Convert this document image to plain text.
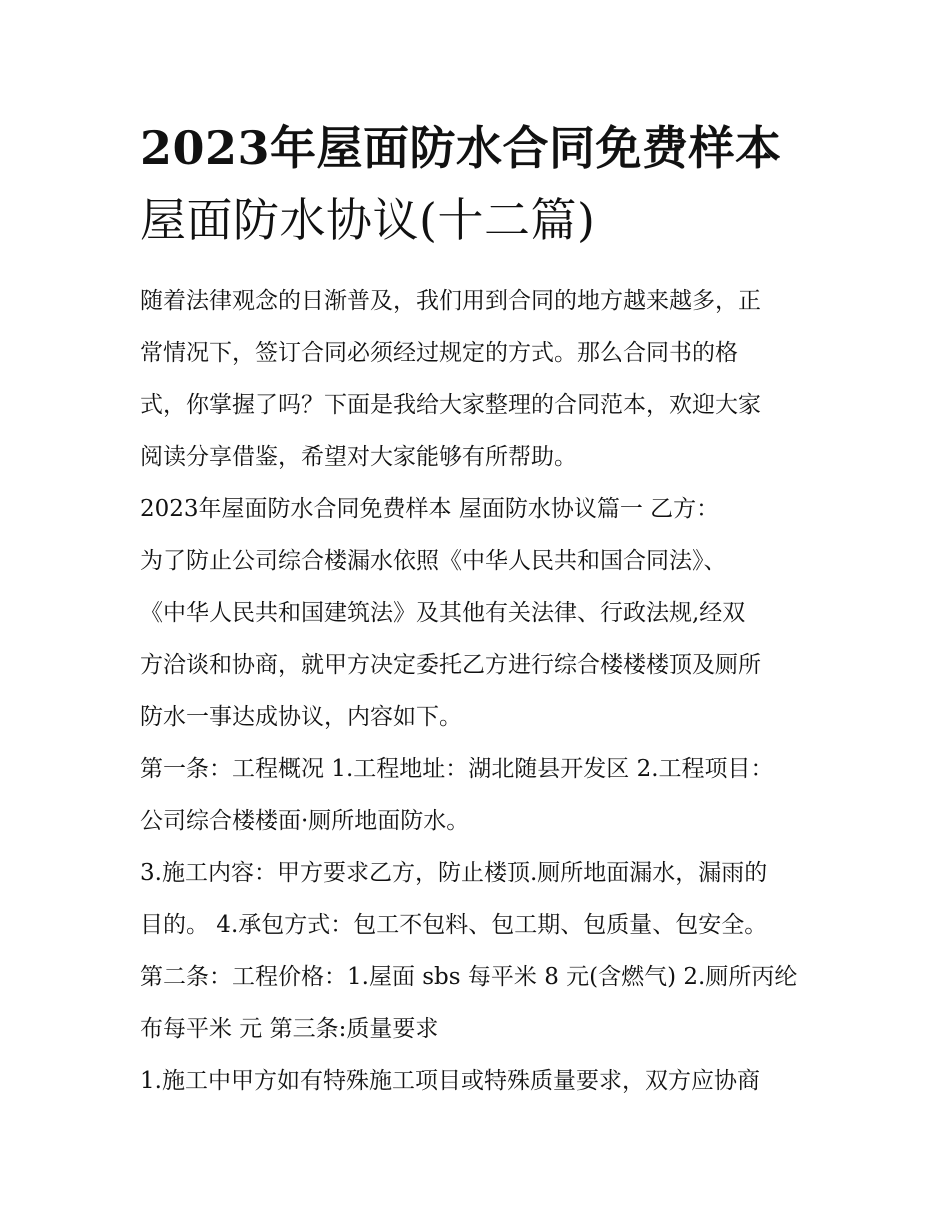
2023年屋面防水合同免费样本
屋面防水协议(十二篇)
随着法律观念的日渐普及，我们用到合同的地方越来越多，正
常情况下，签订合同必须经过规定的方式。那么合同书的格
式，你掌握了吗？下面是我给大家整理的合同范本，欢迎大家
阅读分享借鉴，希望对大家能够有所帮助。
2023年屋面防水合同免费样本 屋面防水协议篇一 乙方：
为了防止公司综合楼漏水依照《中华人民共和国合同法》、
《中华人民共和国建筑法》及其他有关法律、行政法规,经双
方洽谈和协商，就甲方决定委托乙方进行综合楼楼楼顶及厕所
防水一事达成协议，内容如下。
第一条：工程概况 1.工程地址：湖北随县开发区 2.工程项目：
公司综合楼楼面·厕所地面防水。
3.施工内容：甲方要求乙方，防止楼顶.厕所地面漏水，漏雨的
目的。 4.承包方式：包工不包料、包工期、包质量、包安全。
第二条：工程价格：1.屋面 sbs 每平米 8 元(含燃气) 2.厕所丙纶
布每平米 元 第三条:质量要求
1.施工中甲方如有特殊施工项目或特殊质量要求，双方应协商
